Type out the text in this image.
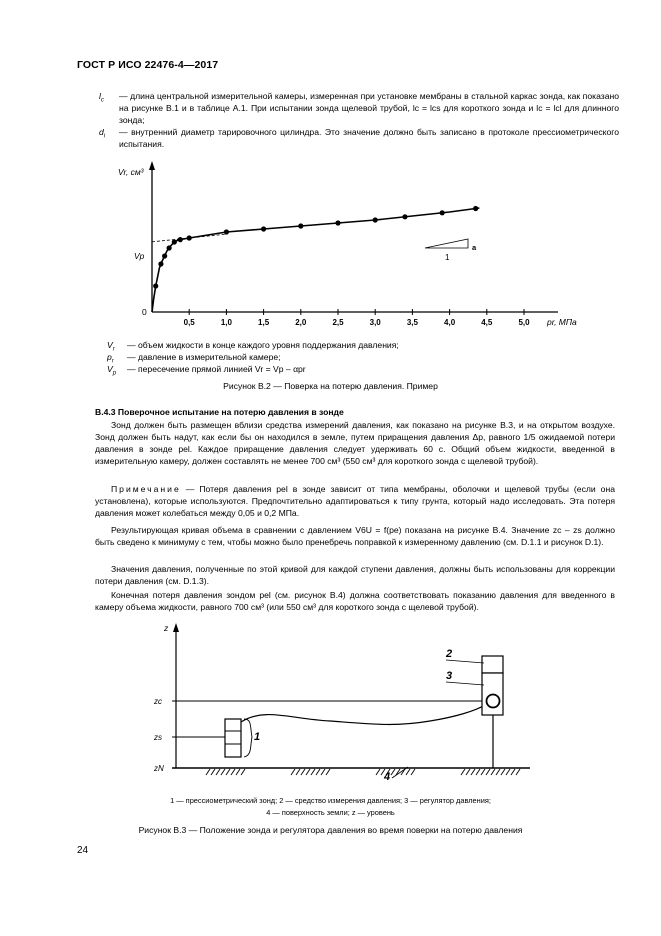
ГОСТ Р ИСО 22476-4—2017
$l_c$ — длина центральной измерительной камеры, измеренная при установке мембраны в стальной каркас зонда, как показано на рисунке В.1 и в таблице А.1. При испытании зонда щелевой трубой, lc = lcs для короткого зонда и lc = lcl для длинного зонда;
$d_i$ — внутренний диаметр тарировочного цилиндра. Это значение должно быть записано в протоколе прессиометрического испытания.
0,5	1,0	1,5	2,0	2,5	3,0	3,5	4,0	4,5	5,0
a
1
Vr, см³
Vp
0
pr, МПа
$V_r$ — объем жидкости в конце каждого уровня поддержания давления;
$p_r$ — давление в измерительной камере;
$V_p$ — пересечение прямой линией Vr = Vp – αpr
Рисунок В.2 — Поверка на потерю давления. Пример
В.4.3 Поверочное испытание на потерю давления в зонде
Зонд должен быть размещен вблизи средства измерений давления, как показано на рисунке В.3, и на открытом воздухе. Зонд должен быть надут, как если бы он находился в земле, путем приращения давления Δp, равного 1/5 ожидаемой потери давления в зонде pel. Каждое приращение давления следует удерживать 60 с. Общий объем жидкости, введенной в измерительную камеру, должен составлять не менее 700 см³ (550 см³ для короткого зонда с щелевой трубой).
Примечание — Потеря давления pel в зонде зависит от типа мембраны, оболочки и щелевой трубы (если она установлена), которые используются. Предпочтительно адаптироваться к типу грунта, который надо исследовать. Эта потеря давления может колебаться между 0,05 и 0,2 МПа.
Результирующая кривая объема в сравнении с давлением V6U = f(pe) показана на рисунке В.4. Значение zc – zs должно быть сведено к минимуму с тем, чтобы можно было пренебречь поправкой к измеренному давлению (см. D.1.1 и рисунок D.1).
Значения давления, полученные по этой кривой для каждой ступени давления, должны быть использованы для коррекции потери давления (см. D.1.3).
Конечная потеря давления зондом pel (см. рисунок В.4) должна соответствовать показанию давления для введенного в камеру объема жидкости, равного 700 см³ (или 550 см³ для короткого зонда с щелевой трубой).
z
zc
zs
zN
1
2
3
4
1 — прессиометрический зонд; 2 — средство измерения давления; 3 — регулятор давления;
4 — поверхность земли; z — уровень
Рисунок В.3 — Положение зонда и регулятора давления во время поверки на потерю давления
24
